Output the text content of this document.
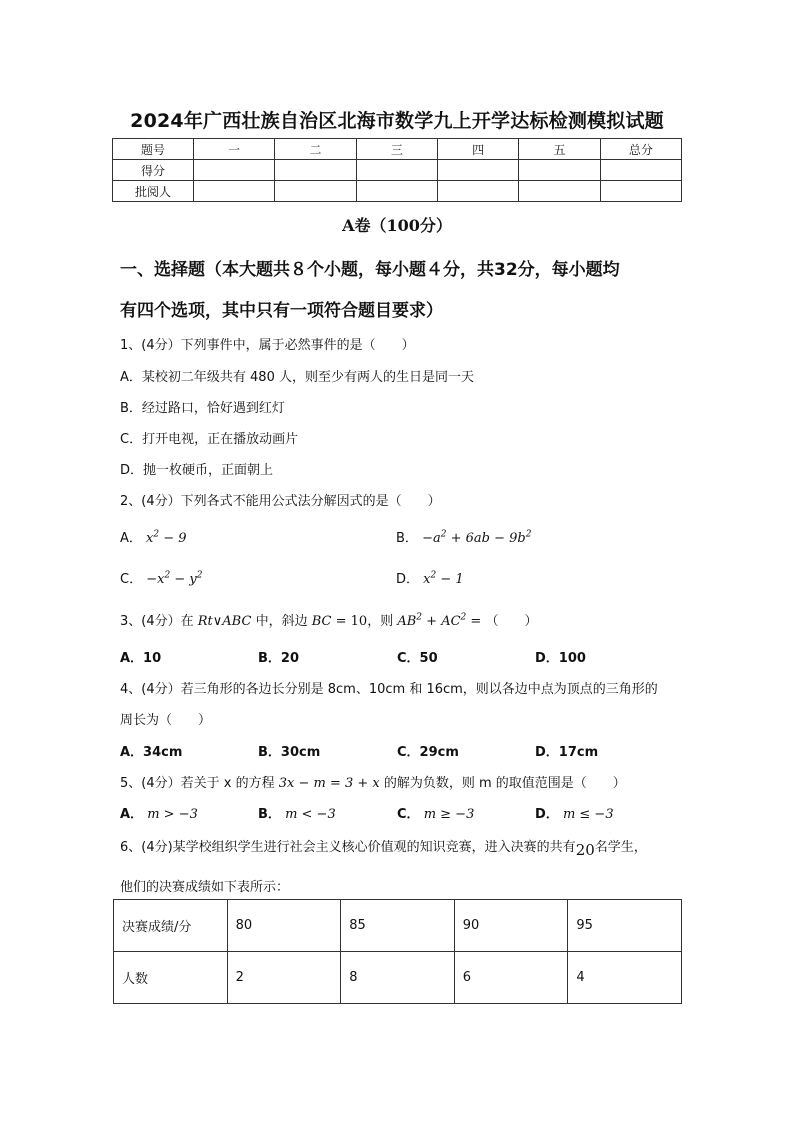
2024年广西壮族自治区北海市数学九上开学达标检测模拟试题
题号	一	二	三	四	五	总分
得分						
批阅人						
A卷（100分）
一、选择题（本大题共８个小题，每小题４分，共32分，每小题均
有四个选项，其中只有一项符合题目要求）
1、(4分）下列事件中，属于必然事件的是（　　）
A．某校初二年级共有 480 人，则至少有两人的生日是同一天
B．经过路口，恰好遇到红灯
C．打开电视，正在播放动画片
D．抛一枚硬币，正面朝上
2、(4分）下列各式不能用公式法分解因式的是（　　）
A． $x^2 - 9$	B． $-a^2 + 6ab - 9b^2$
C． $-x^2 - y^2$	D． $x^2 - 1$
3、(4分）在 Rt∨ABC 中，斜边 BC = 10，则 $AB^2 + AC^2$ = （　　）
A．10	B．20	C．50	D．100
4、(4分）若三角形的各边长分别是 8cm、10cm 和 16cm，则以各边中点为顶点的三角形的
周长为（　　）
A．34cm	B．30cm	C．29cm	D．17cm
5、(4分）若关于 x 的方程 3x − m = 3 + x 的解为负数，则 m 的取值范围是（　　）
A． m > −3	B． m < −3	C． m ≥ −3	D． m ≤ −3
6、(4分)某学校组织学生进行社会主义核心价值观的知识竞赛，进入决赛的共有20名学生，
他们的决赛成绩如下表所示：
决赛成绩/分	80	85	90	95
人数	2	8	6	4
